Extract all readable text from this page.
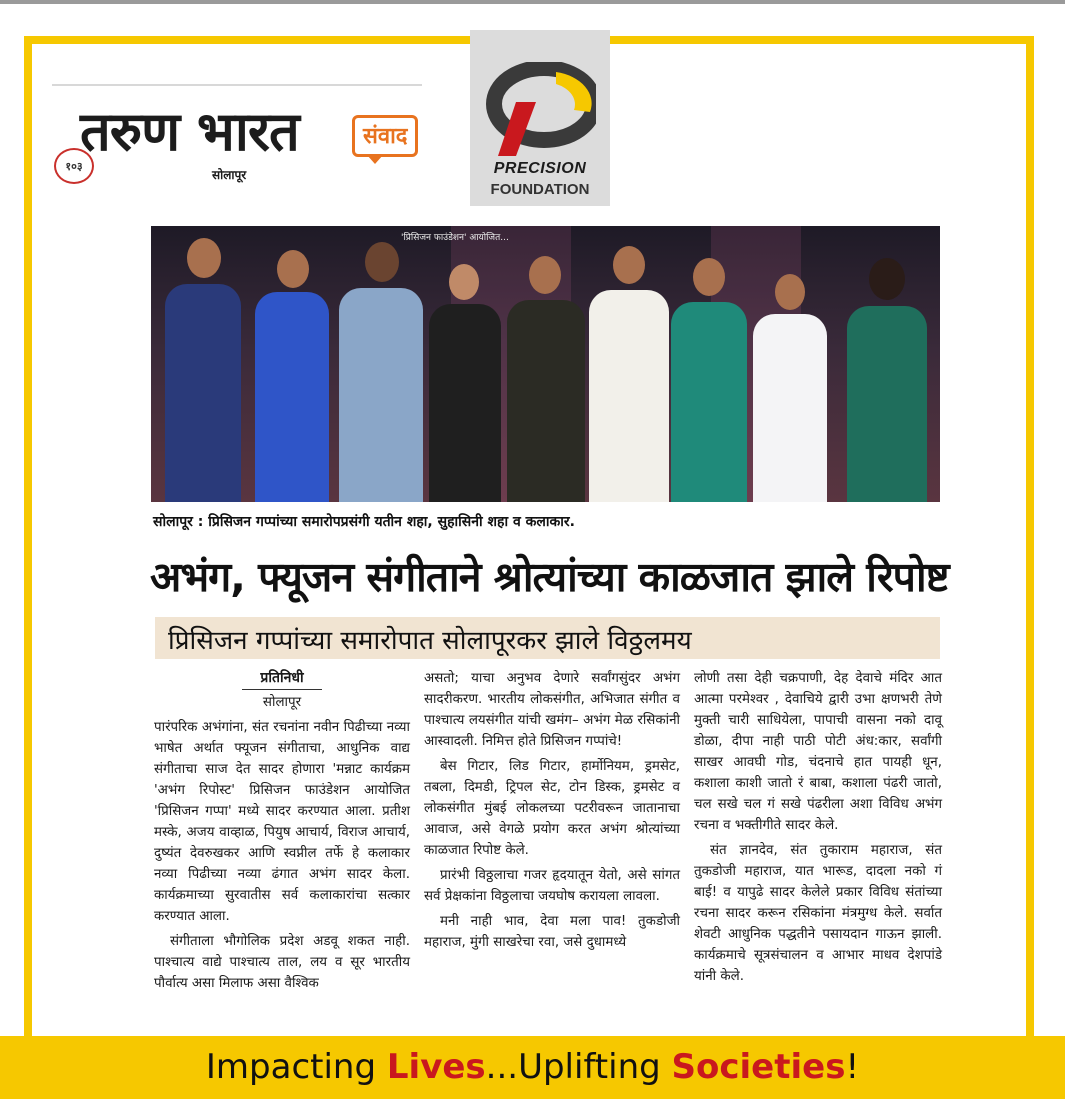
१०३
तरुण भारत	संवाद
सोलापूर	PRECISION
FOUNDATION
'प्रिसिजन फाउंडेशन' आयोजित...
सोलापूर : प्रिसिजन गप्पांच्या समारोपप्रसंगी यतीन शहा, सुहासिनी शहा व कलाकार.
अभंग, फ्यूजन संगीताने श्रोत्यांच्या काळजात झाले रिपोष्ट
प्रिसिजन गप्पांच्या समारोपात सोलापूरकर झाले विठ्ठलमय

प्रतिनिधी

सोलापूर

पारंपरिक अभंगांना, संत रचनांना नवीन पिढीच्या नव्या भाषेत अर्थात फ्यूजन संगीताचा, आधुनिक वाद्य संगीताचा साज देत सादर होणारा 'मन्नाट कार्यक्रम 'अभंग रिपोस्ट' प्रिसिजन फाउंडेशन आयोजित 'प्रिसिजन गप्पा' मध्ये सादर करण्यात आला. प्रतीश मस्के, अजय वाव्हाळ, पियुष आचार्य, विराज आचार्य, दुष्यंत देवरुखकर आणि स्वप्नील तर्फे हे कलाकार नव्या पिढीच्या नव्या ढंगात अभंग सादर केला. कार्यक्रमाच्या सुरवातीस सर्व कलाकारांचा सत्कार करण्यात आला.

संगीताला भौगोलिक प्रदेश अडवू शकत नाही. पाश्चात्य वाद्ये पाश्चात्य ताल, लय व सूर भारतीय पौर्वात्य असा मिलाफ असा वैश्विक

असतो; याचा अनुभव देणारे सर्वांगसुंदर अभंग सादरीकरण. भारतीय लोकसंगीत, अभिजात संगीत व पाश्चात्य लयसंगीत यांची खमंग– अभंग मेळ रसिकांनी आस्वादली. निमित्त होते प्रिसिजन गप्पांचे!

बेस गिटार, लिड गिटार, हार्मोनियम, ड्रमसेट, तबला, दिमडी, ट्रिपल सेट, टोन डिस्क, ड्रमसेट व लोकसंगीत मुंबई लोकलच्या पटरीवरून जातानाचा आवाज, असे वेगळे प्रयोग करत अभंग श्रोत्यांच्या काळजात रिपोष्ट केले.

प्रारंभी विठ्ठलाचा गजर हृदयातून येतो, असे सांगत सर्व प्रेक्षकांना विठ्ठलाचा जयघोष करायला लावला.

मनी नाही भाव, देवा मला पाव! तुकडोजी महाराज, मुंगी साखरेचा रवा, जसे दुधामध्ये

लोणी तसा देही चक्रपाणी, देह देवाचे मंदिर आत आत्मा परमेश्वर , देवाचिये द्वारी उभा क्षणभरी तेणे मुक्ती चारी साधियेला, पापाची वासना नको दावू डोळा, दीपा नाही पाठी पोटी अंध:कार, सर्वांगी साखर आवघी गोड, चंदनाचे हात पायही धून, कशाला काशी जातो रं बाबा, कशाला पंढरी जातो, चल सखे चल गं सखे पंढरीला अशा विविध अभंग रचना व भक्तीगीते सादर केले.

संत ज्ञानदेव, संत तुकाराम महाराज, संत तुकडोजी महाराज, यात भारूड, दादला नको गं बाई! व यापुढे सादर केलेले प्रकार विविध संतांच्या रचना सादर करून रसिकांना मंत्रमुग्ध केले. सर्वात शेवटी आधुनिक पद्धतीने पसायदान गाऊन झाली. कार्यक्रमाचे सूत्रसंचालन व आभार माधव देशपांडे यांनी केले.

Impacting Lives...Uplifting Societies!
